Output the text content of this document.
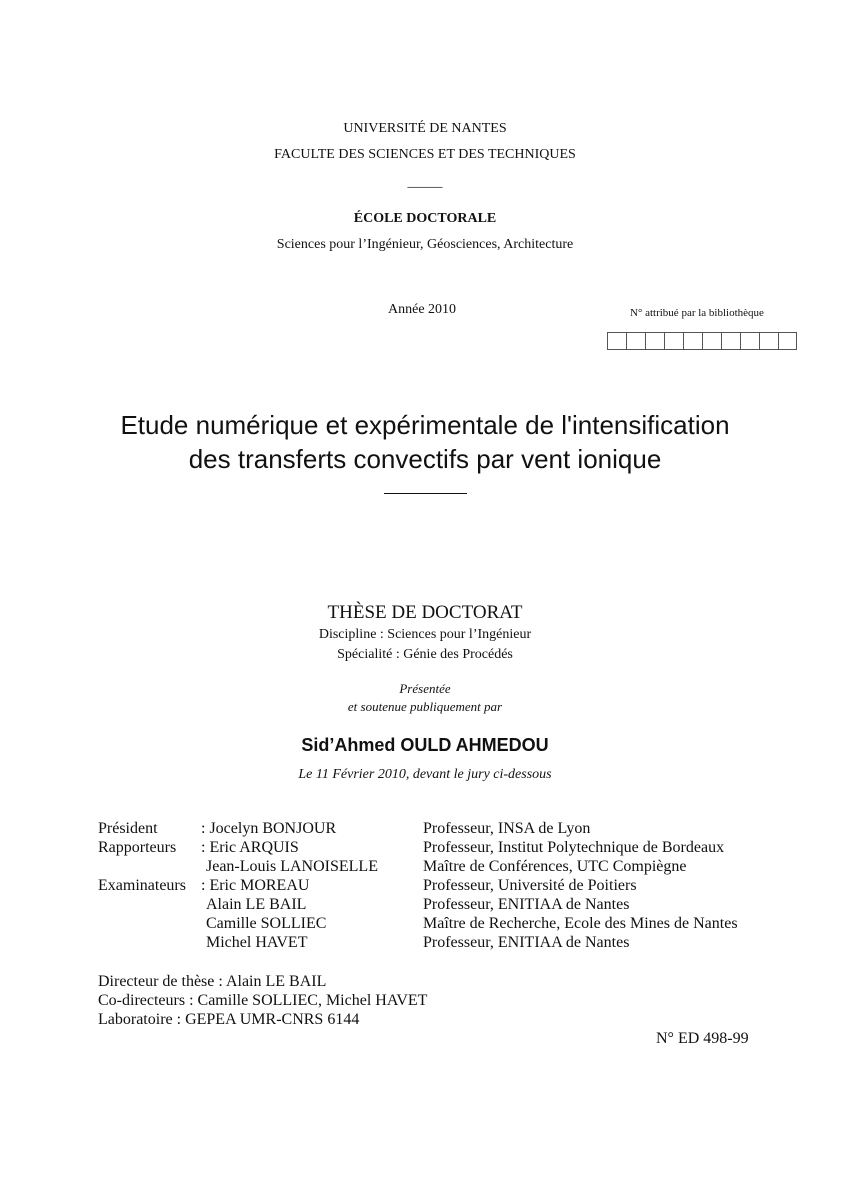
UNIVERSITÉ DE NANTES
FACULTE DES SCIENCES ET DES TECHNIQUES
_____
ÉCOLE DOCTORALE
Sciences pour l’Ingénieur, Géosciences, Architecture
Année 2010	N° attribué par la bibliothèque
Etude numérique et expérimentale de l'intensification
des transferts convectifs par vent ionique
THÈSE DE DOCTORAT
Discipline : Sciences pour l’Ingénieur
Spécialité : Génie des Procédés
Présentée
et soutenue publiquement par
Sid’Ahmed OULD AHMEDOU
Le 11 Février 2010, devant le jury ci-dessous
Président
Rapporteurs
Examinateurs
: Jocelyn BONJOUR
: Eric ARQUIS
Jean-Louis LANOISELLE
: Eric MOREAU
Alain LE BAIL
Camille SOLLIEC
Michel HAVET
Professeur, INSA de Lyon
Professeur, Institut Polytechnique de Bordeaux
Maître de Conférences, UTC Compiègne
Professeur, Université de Poitiers
Professeur, ENITIAA de Nantes
Maître de Recherche, Ecole des Mines de Nantes
Professeur, ENITIAA de Nantes
Directeur de thèse : Alain LE BAIL
Co-directeurs : Camille SOLLIEC, Michel HAVET
Laboratoire : GEPEA UMR-CNRS 6144
N° ED 498-99
